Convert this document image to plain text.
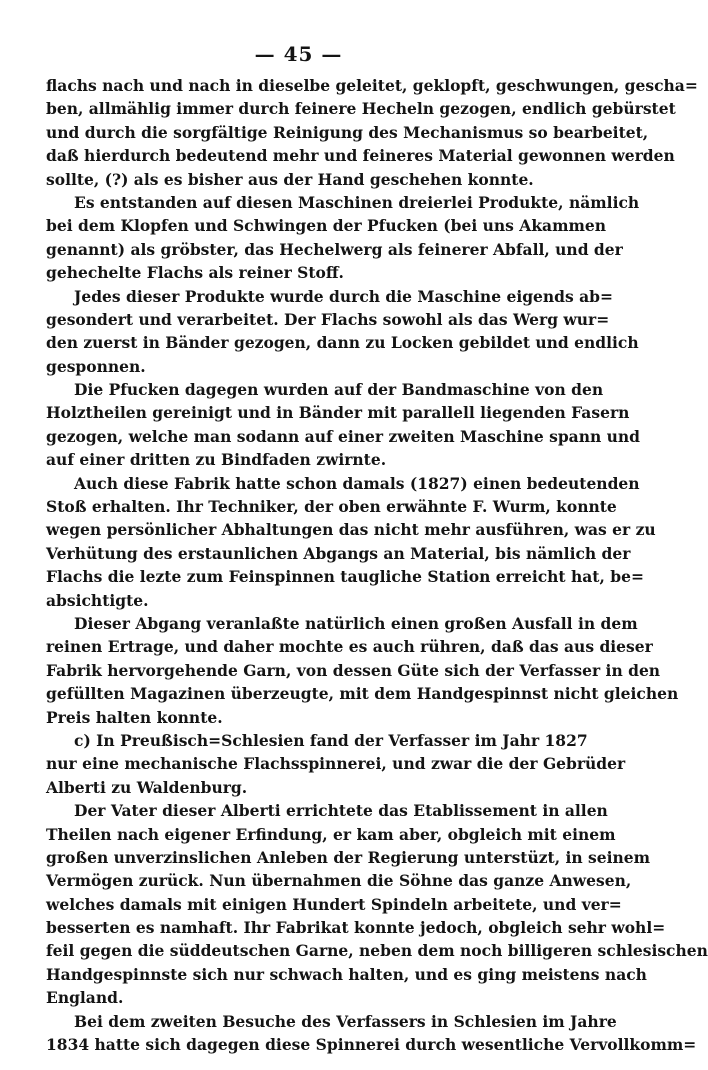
— 45 —
flachs nach und nach in dieselbe geleitet, geklopft, geschwungen, gescha=
ben, allmählig immer durch feinere Hecheln gezogen, endlich gebürstet
und durch die sorgfältige Reinigung des Mechanismus so bearbeitet,
daß hierdurch bedeutend mehr und feineres Material gewonnen werden
sollte, (?) als es bisher aus der Hand geschehen konnte.
Es entstanden auf diesen Maschinen dreierlei Produkte, nämlich
bei dem Klopfen und Schwingen der Pfucken (bei uns Akammen
genannt) als gröbster, das Hechelwerg als feinerer Abfall, und der
gehechelte Flachs als reiner Stoff.
Jedes dieser Produkte wurde durch die Maschine eigends ab=
gesondert und verarbeitet. Der Flachs sowohl als das Werg wur=
den zuerst in Bänder gezogen, dann zu Locken gebildet und endlich
gesponnen.
Die Pfucken dagegen wurden auf der Bandmaschine von den
Holztheilen gereinigt und in Bänder mit parallell liegenden Fasern
gezogen, welche man sodann auf einer zweiten Maschine spann und
auf einer dritten zu Bindfaden zwirnte.
Auch diese Fabrik hatte schon damals (1827) einen bedeutenden
Stoß erhalten. Ihr Techniker, der oben erwähnte F. Wurm, konnte
wegen persönlicher Abhaltungen das nicht mehr ausführen, was er zu
Verhütung des erstaunlichen Abgangs an Material, bis nämlich der
Flachs die lezte zum Feinspinnen taugliche Station erreicht hat, be=
absichtigte.
Dieser Abgang veranlaßte natürlich einen großen Ausfall in dem
reinen Ertrage, und daher mochte es auch rühren, daß das aus dieser
Fabrik hervorgehende Garn, von dessen Güte sich der Verfasser in den
gefüllten Magazinen überzeugte, mit dem Handgespinnst nicht gleichen
Preis halten konnte.
c) In Preußisch=Schlesien fand der Verfasser im Jahr 1827
nur eine mechanische Flachsspinnerei, und zwar die der Gebrüder
Alberti zu Waldenburg.
Der Vater dieser Alberti errichtete das Etablissement in allen
Theilen nach eigener Erfindung, er kam aber, obgleich mit einem
großen unverzinslichen Anleben der Regierung unterstüzt, in seinem
Vermögen zurück. Nun übernahmen die Söhne das ganze Anwesen,
welches damals mit einigen Hundert Spindeln arbeitete, und ver=
besserten es namhaft. Ihr Fabrikat konnte jedoch, obgleich sehr wohl=
feil gegen die süddeutschen Garne, neben dem noch billigeren schlesischen
Handgespinnste sich nur schwach halten, und es ging meistens nach
England.
Bei dem zweiten Besuche des Verfassers in Schlesien im Jahre
1834 hatte sich dagegen diese Spinnerei durch wesentliche Vervollkomm=
